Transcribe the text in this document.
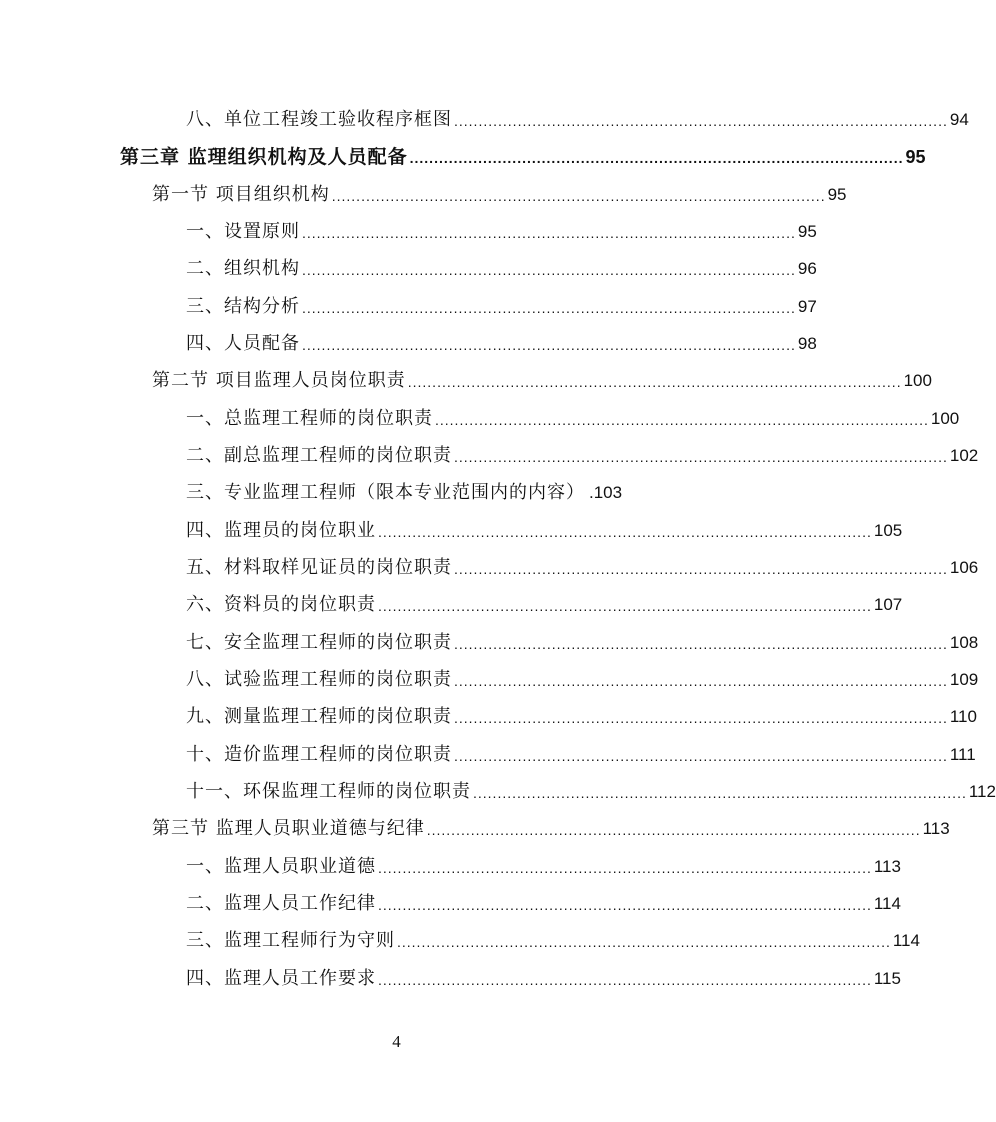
八、单位工程竣工验收程序框图 ..................................................................................................... 94
第三章 监理组织机构及人员配备 ..................................................................................................... 95
第一节 项目组织机构 ..................................................................................................... 95
一、设置原则 ..................................................................................................... 95
二、组织机构 ..................................................................................................... 96
三、结构分析 ..................................................................................................... 97
四、人员配备 ..................................................................................................... 98
第二节 项目监理人员岗位职责 ..................................................................................................... 100
一、总监理工程师的岗位职责 ..................................................................................................... 100
二、副总监理工程师的岗位职责 ..................................................................................................... 102
三、专业监理工程师（限本专业范围内的内容） .103
四、监理员的岗位职业 ..................................................................................................... 105
五、材料取样见证员的岗位职责 ..................................................................................................... 106
六、资料员的岗位职责 ..................................................................................................... 107
七、安全监理工程师的岗位职责 ..................................................................................................... 108
八、试验监理工程师的岗位职责 ..................................................................................................... 109
九、测量监理工程师的岗位职责 ..................................................................................................... 110
十、造价监理工程师的岗位职责 ..................................................................................................... 111
十一、环保监理工程师的岗位职责 ..................................................................................................... 112
第三节 监理人员职业道德与纪律 ..................................................................................................... 113
一、监理人员职业道德 ..................................................................................................... 113
二、监理人员工作纪律 ..................................................................................................... 114
三、监理工程师行为守则 ..................................................................................................... 114
四、监理人员工作要求 ..................................................................................................... 115
4
